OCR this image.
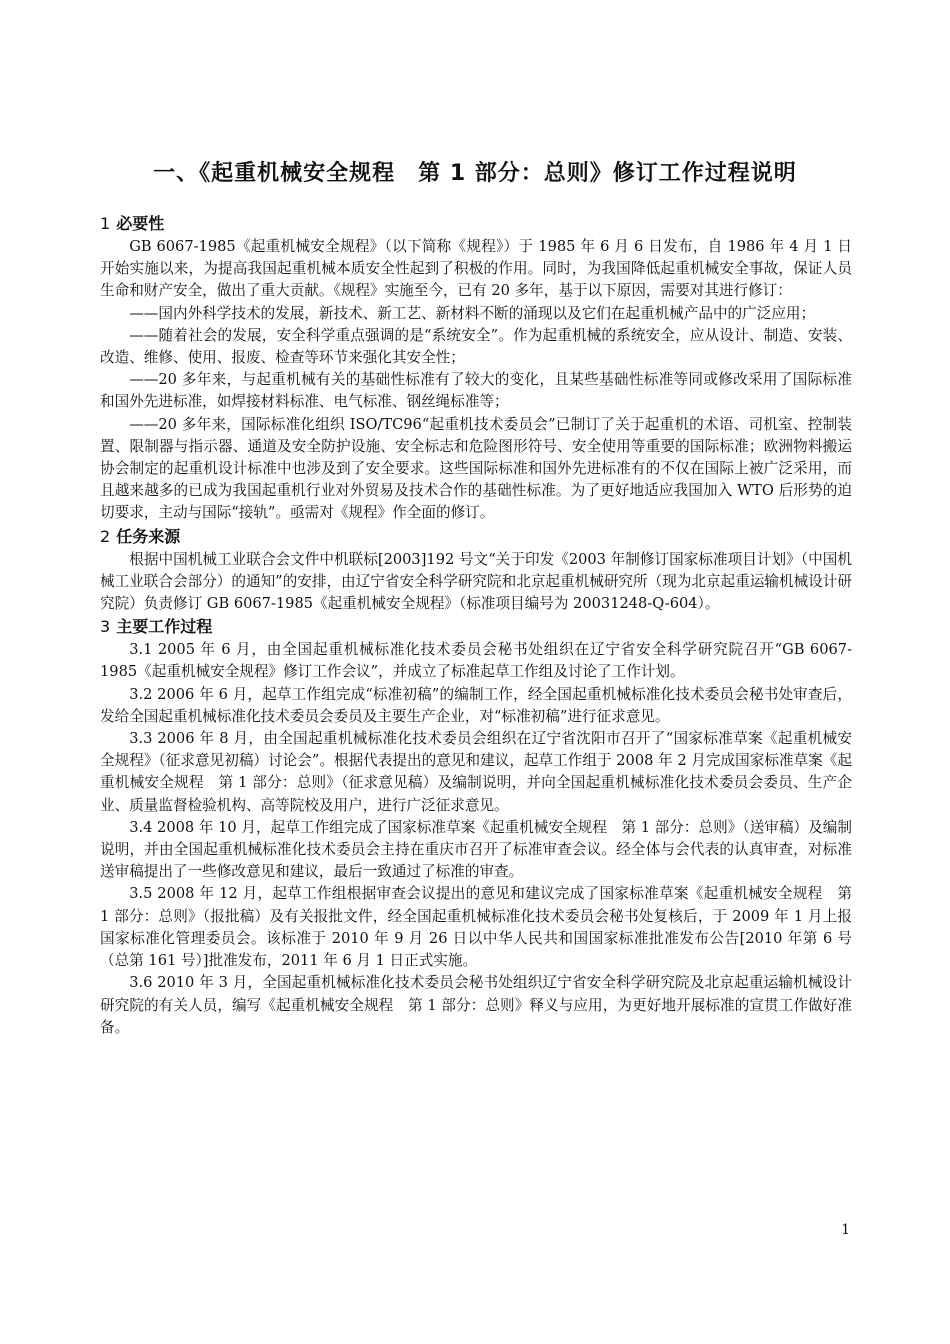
一、《起重机械安全规程　第 1 部分：总则》修订工作过程说明
1 必要性

GB 6067-1985《起重机械安全规程》（以下简称《规程》）于 1985 年 6 月 6 日发布，自 1986 年 4 月 1 日开始实施以来，为提高我国起重机械本质安全性起到了积极的作用。同时，为我国降低起重机械安全事故，保证人员生命和财产安全，做出了重大贡献。《规程》实施至今，已有 20 多年，基于以下原因，需要对其进行修订：

——国内外科学技术的发展，新技术、新工艺、新材料不断的涌现以及它们在起重机械产品中的广泛应用；

——随着社会的发展，安全科学重点强调的是“系统安全”。作为起重机械的系统安全，应从设计、制造、安装、改造、维修、使用、报废、检查等环节来强化其安全性；

——20 多年来，与起重机械有关的基础性标准有了较大的变化，且某些基础性标准等同或修改采用了国际标准和国外先进标准，如焊接材料标准、电气标准、钢丝绳标准等；

——20 多年来，国际标准化组织 ISO/TC96“起重机技术委员会”已制订了关于起重机的术语、司机室、控制装置、限制器与指示器、通道及安全防护设施、安全标志和危险图形符号、安全使用等重要的国际标准；欧洲物料搬运协会制定的起重机设计标准中也涉及到了安全要求。这些国际标准和国外先进标准有的不仅在国际上被广泛采用，而且越来越多的已成为我国起重机行业对外贸易及技术合作的基础性标准。为了更好地适应我国加入 WTO 后形势的迫切要求，主动与国际“接轨”。亟需对《规程》作全面的修订。

2 任务来源

根据中国机械工业联合会文件中机联标[2003]192 号文“关于印发《2003 年制修订国家标准项目计划》（中国机械工业联合会部分）的通知”的安排，由辽宁省安全科学研究院和北京起重机械研究所（现为北京起重运输机械设计研究院）负责修订 GB 6067-1985《起重机械安全规程》（标准项目编号为 20031248-Q-604）。

3 主要工作过程

3.1 2005 年 6 月，由全国起重机械标准化技术委员会秘书处组织在辽宁省安全科学研究院召开“GB 6067-1985《起重机械安全规程》修订工作会议”，并成立了标准起草工作组及讨论了工作计划。

3.2 2006 年 6 月，起草工作组完成“标准初稿”的编制工作，经全国起重机械标准化技术委员会秘书处审查后，发给全国起重机械标准化技术委员会委员及主要生产企业，对“标准初稿”进行征求意见。

3.3 2006 年 8 月，由全国起重机械标准化技术委员会组织在辽宁省沈阳市召开了“国家标准草案《起重机械安全规程》（征求意见初稿）讨论会”。根据代表提出的意见和建议，起草工作组于 2008 年 2 月完成国家标准草案《起重机械安全规程　第 1 部分：总则》（征求意见稿）及编制说明，并向全国起重机械标准化技术委员会委员、生产企业、质量监督检验机构、高等院校及用户，进行广泛征求意见。

3.4 2008 年 10 月，起草工作组完成了国家标准草案《起重机械安全规程　第 1 部分：总则》（送审稿）及编制说明，并由全国起重机械标准化技术委员会主持在重庆市召开了标准审查会议。经全体与会代表的认真审查，对标准送审稿提出了一些修改意见和建议，最后一致通过了标准的审查。

3.5 2008 年 12 月，起草工作组根据审查会议提出的意见和建议完成了国家标准草案《起重机械安全规程　第 1 部分：总则》（报批稿）及有关报批文件，经全国起重机械标准化技术委员会秘书处复核后，于 2009 年 1 月上报国家标准化管理委员会。该标准于 2010 年 9 月 26 日以中华人民共和国国家标准批准发布公告[2010 年第 6 号（总第 161 号）]批准发布，2011 年 6 月 1 日正式实施。

3.6 2010 年 3 月，全国起重机械标准化技术委员会秘书处组织辽宁省安全科学研究院及北京起重运输机械设计研究院的有关人员，编写《起重机械安全规程　第 1 部分：总则》释义与应用，为更好地开展标准的宣贯工作做好准备。

1
